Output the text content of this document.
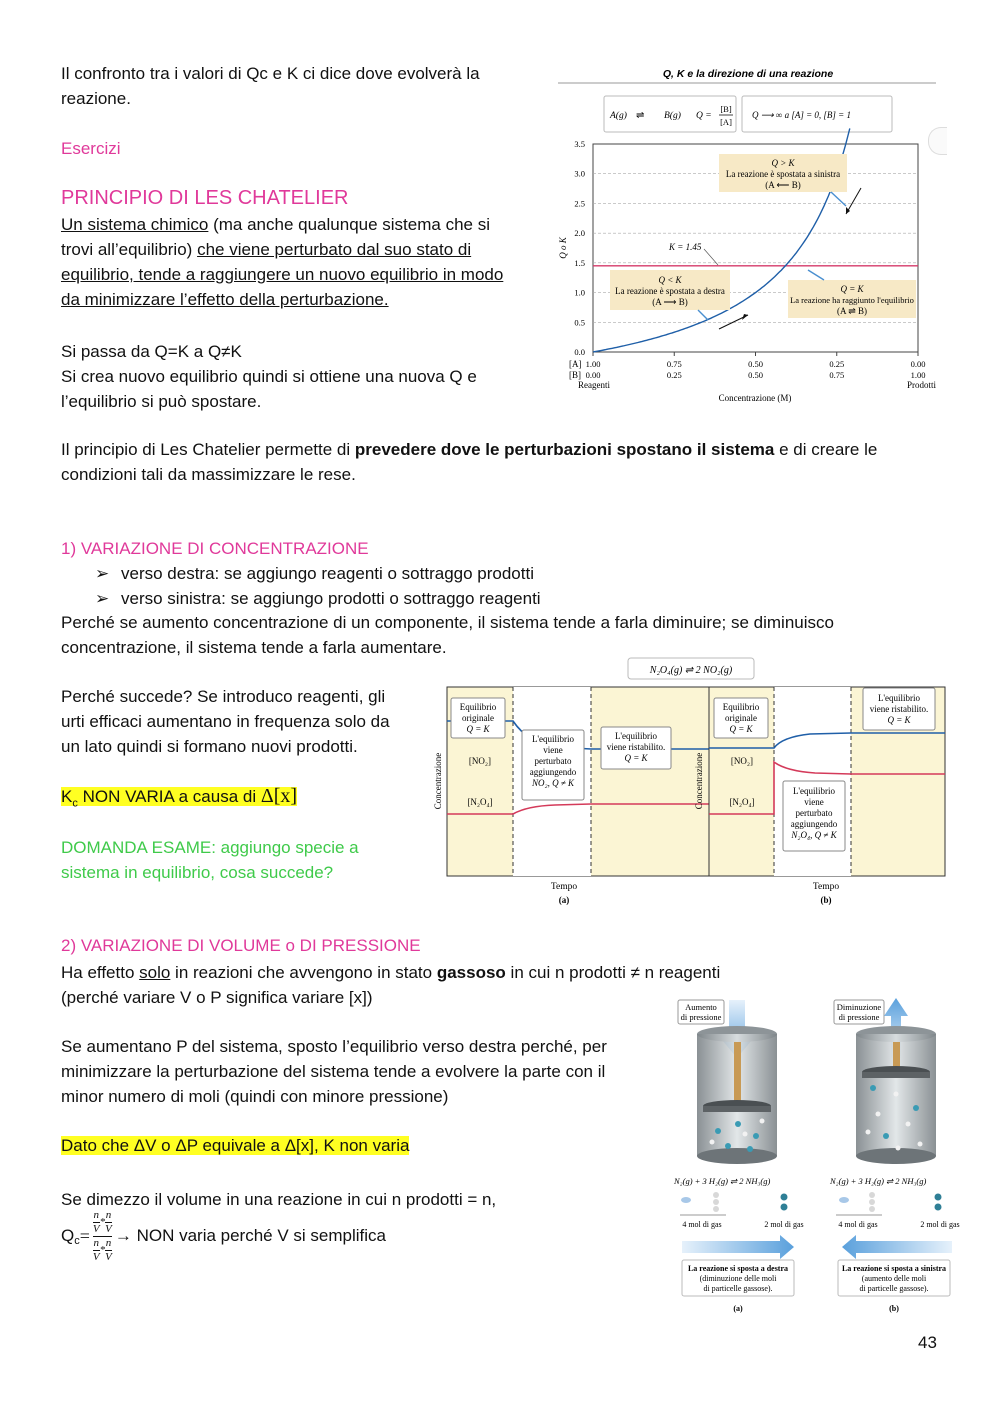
Il confronto tra i valori di Qc e K ci dice dove evolverà la reazione.
Esercizi
PRINCIPIO DI LES CHATELIER
Un sistema chimico (ma anche qualunque sistema che si trovi all’equilibrio) che viene perturbato dal suo stato di equilibrio, tende a raggiungere un nuovo equilibrio in modo da minimizzare l’effetto della perturbazione.
Si passa da Q=K a Q≠K
Si crea nuovo equilibrio quindi si ottiene una nuova Q e l’equilibrio si può spostare.
Il principio di Les Chatelier permette di prevedere dove le perturbazioni spostano il sistema e di creare le condizioni tali da massimizzare le rese.
Q, K e la direzione di una reazione
A(g) ⇌ B(g) Q =
[B]
[A]
Q ⟶ ∞ a [A] = 0, [B] = 1
3.5
3.0
2.5
2.0
1.5
1.0
0.5
0.0
Q o K	K = 1.45
Q < K
La reazione è spostata a destra
(A ⟶ B)
Q > K
La reazione è spostata a sinistra
(A ⟵ B)
Q = K
La reazione ha raggiunto l'equilibrio
(A ⇌ B)
1.00
0.00
0.75
0.25
0.50
0.50
0.25
0.75
0.00
1.00
[A]
[B]
Reagenti	Prodotti
Concentrazione (M)
1) VARIAZIONE DI CONCENTRAZIONE
➢ verso destra: se aggiungo reagenti o sottraggo prodotti
➢ verso sinistra: se aggiungo prodotti o sottraggo reagenti
Perché se aumento concentrazione di un componente, il sistema tende a farla diminuire; se diminuisco concentrazione, il sistema tende a farla aumentare.
Perché succede? Se introduco reagenti, gli urti efficaci aumentano in frequenza solo da un lato quindi si formano nuovi prodotti.
$K_c$ NON VARIA a causa di Δ[x]
DOMANDA ESAME: aggiungo specie a sistema in equilibrio, cosa succede?
N₂O₄(g) ⇌ 2 NO₂(g)
Equilibrio
originale
Q = K
[NO₂]
[N₂O₄]
L'equilibrio
viene
perturbato
aggiungendo
NO₂, Q ≠ K
L'equilibrio
viene ristabilito.
Q = K
Concentrazione
Tempo
(a)
Equilibrio
originale
Q = K
[NO₂]
[N₂O₄]
L'equilibrio
viene
perturbato
aggiungendo
N₂O₄, Q ≠ K
L'equilibrio
viene ristabilito.
Q = K
Concentrazione
Tempo
(b)
2) VARIAZIONE DI VOLUME o DI PRESSIONE
Ha effetto solo in reazioni che avvengono in stato gassoso in cui n prodotti ≠ n reagenti
(perché variare V o P significa variare [x])
Se aumentano P del sistema, sposto l’equilibrio verso destra perché, per minimizzare la perturbazione del sistema tende a evolvere la parte con il minor numero di moli (quindi con minore pressione)
Dato che ΔV o ΔP equivale a Δ[x], K non varia
Se dimezzo il volume in una reazione in cui n prodotti = n,
$Q_c = \frac{\frac{n}{V} * \frac{n}{V}}{\frac{n}{V} * \frac{n}{V}}$ → NON varia perché V si semplifica
Aumento
di pressione
Diminuzione
di pressione
N₂(g) + 3 H₂(g) ⇌ 2 NH₃(g)	N₂(g) + 3 H₂(g) ⇌ 2 NH₃(g)
4 mol di gas	2 mol di gas	4 mol di gas	2 mol di gas
La reazione si sposta a destra
(diminuzione delle moli
di particelle gassose).
La reazione si sposta a sinistra
(aumento delle moli
di particelle gassose).
(a)	(b)
43
